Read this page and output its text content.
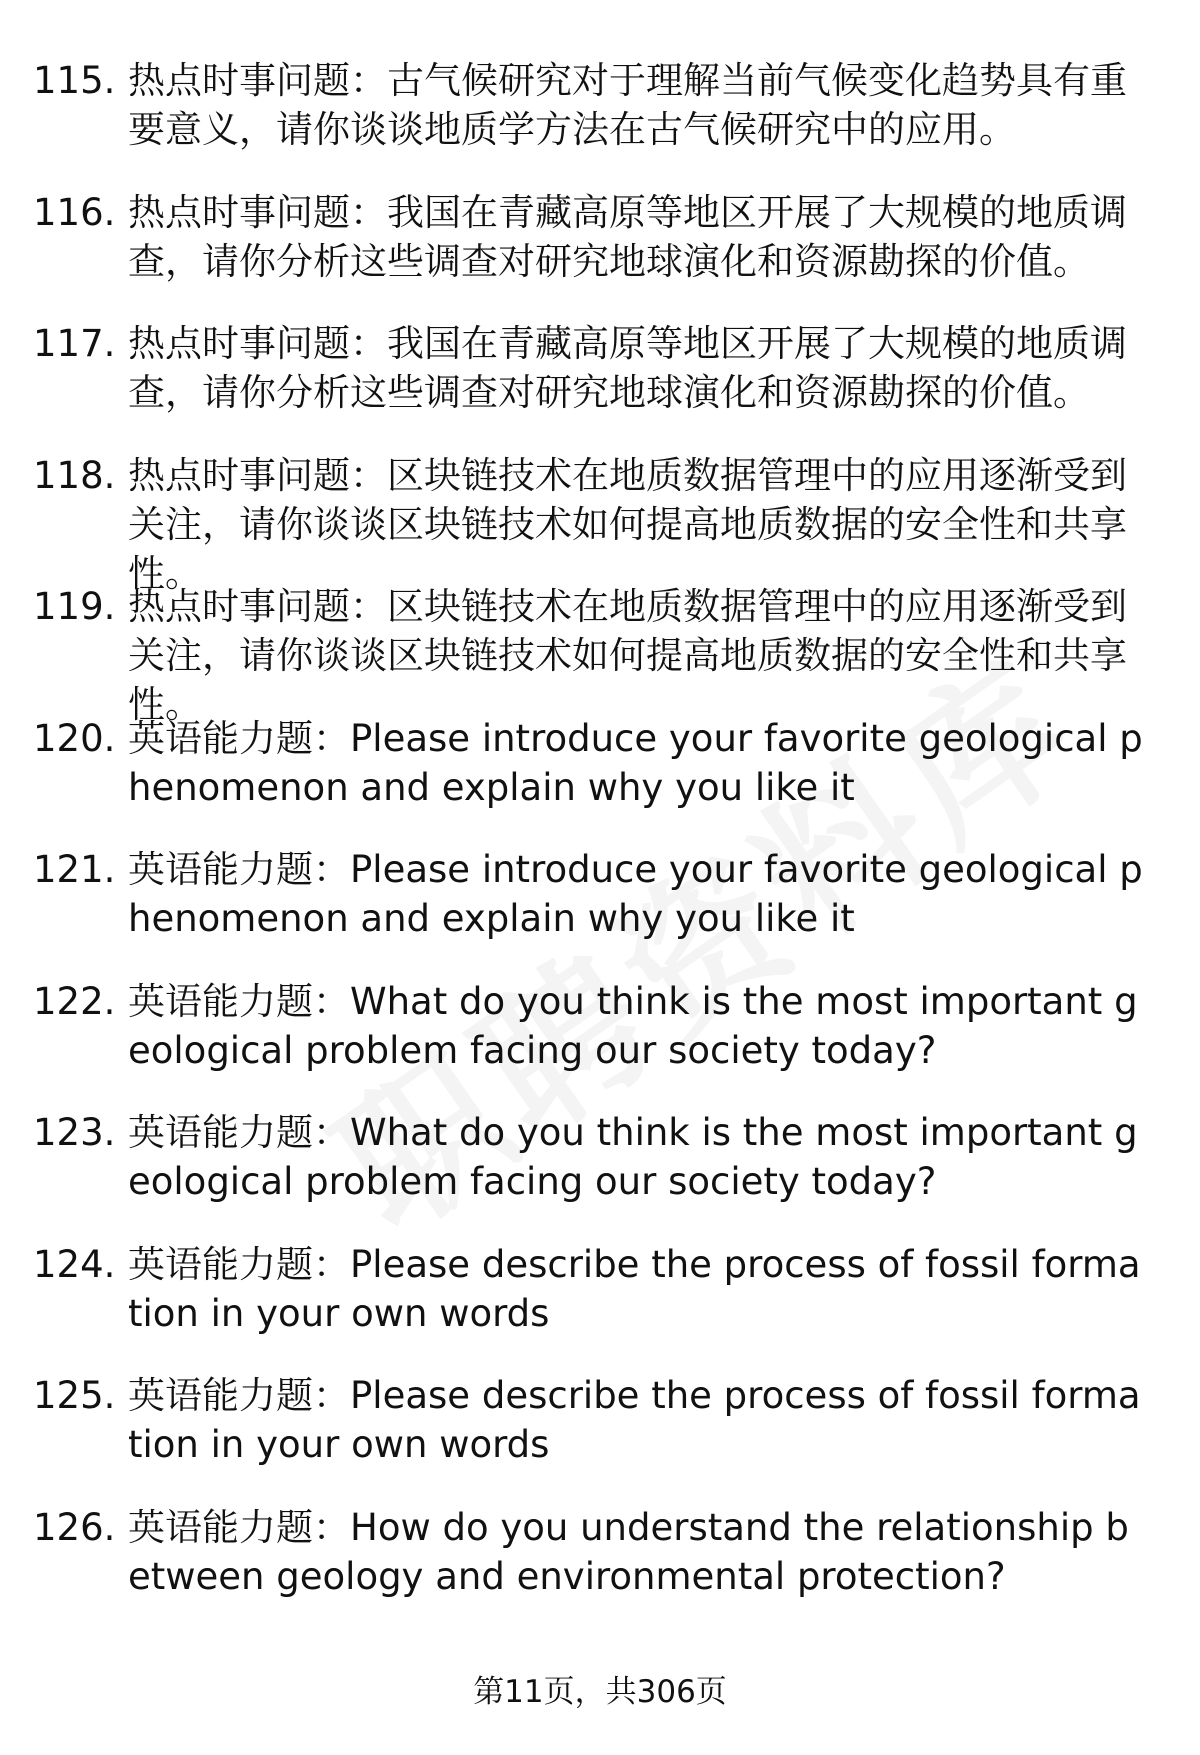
115. 热点时事问题：古气候研究对于理解当前气候变化趋势具有重要意义，请你谈谈地质学方法在古气候研究中的应用。
116. 热点时事问题：我国在青藏高原等地区开展了大规模的地质调查，请你分析这些调查对研究地球演化和资源勘探的价值。
117. 热点时事问题：我国在青藏高原等地区开展了大规模的地质调查，请你分析这些调查对研究地球演化和资源勘探的价值。
118. 热点时事问题：区块链技术在地质数据管理中的应用逐渐受到关注，请你谈谈区块链技术如何提高地质数据的安全性和共享性。
119. 热点时事问题：区块链技术在地质数据管理中的应用逐渐受到关注，请你谈谈区块链技术如何提高地质数据的安全性和共享性。
120. 英语能力题：Please introduce your favorite geological phenomenon and explain why you like it
121. 英语能力题：Please introduce your favorite geological phenomenon and explain why you like it
122. 英语能力题：What do you think is the most important geological problem facing our society today?
123. 英语能力题：What do you think is the most important geological problem facing our society today?
124. 英语能力题：Please describe the process of fossil formation in your own words
125. 英语能力题：Please describe the process of fossil formation in your own words
126. 英语能力题：How do you understand the relationship between geology and environmental protection?
第11页，共306页
